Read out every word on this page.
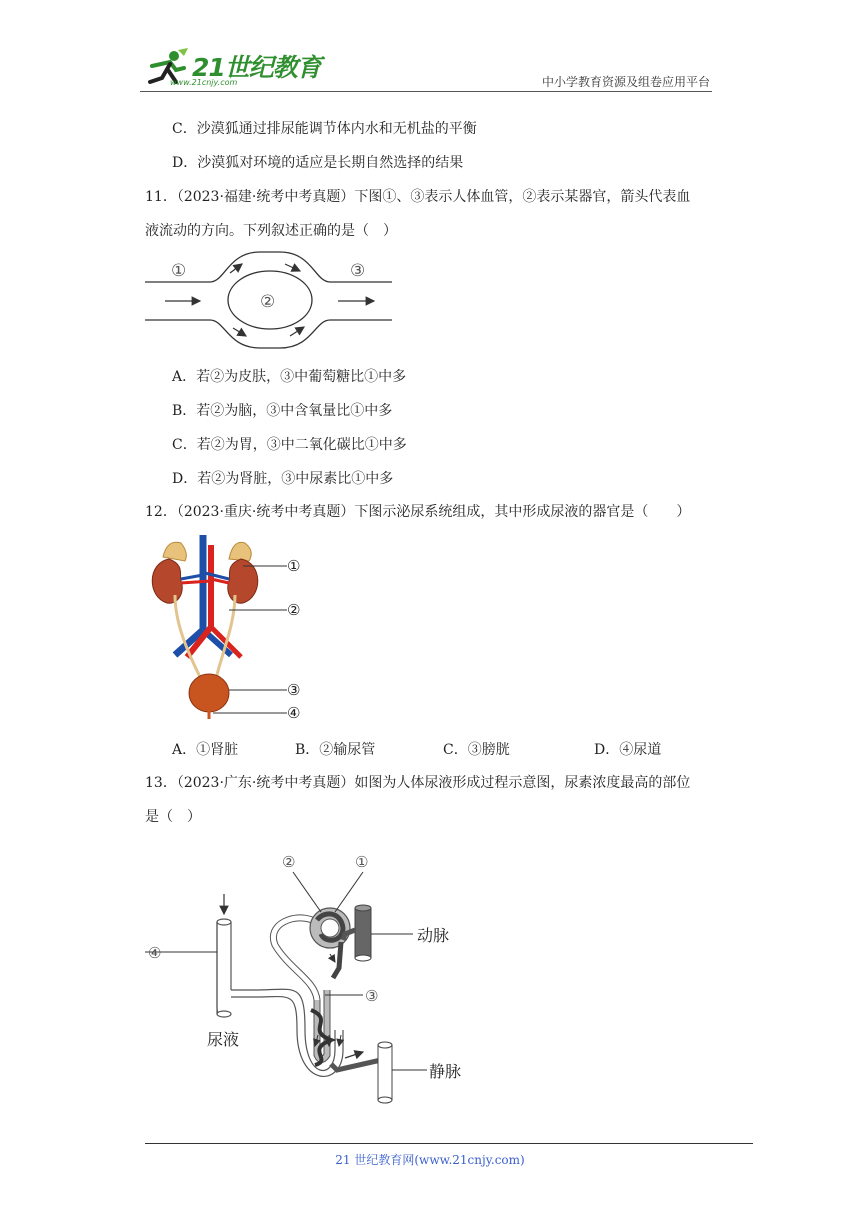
21世纪教育
www.21cnjy.com	中小学教育资源及组卷应用平台
C．沙漠狐通过排尿能调节体内水和无机盐的平衡
D．沙漠狐对环境的适应是长期自然选择的结果
11．（2023·福建·统考中考真题）下图①、③表示人体血管，②表示某器官，箭头代表血
液流动的方向。下列叙述正确的是（　）
①
②
③
A．若②为皮肤，③中葡萄糖比①中多
B．若②为脑，③中含氧量比①中多
C．若②为胃，③中二氧化碳比①中多
D．若②为肾脏，③中尿素比①中多
12．（2023·重庆·统考中考真题）下图示泌尿系统组成，其中形成尿液的器官是（　　）
①
②
③
④
A．①肾脏	B．②输尿管	C．③膀胱	D．④尿道
13．（2023·广东·统考中考真题）如图为人体尿液形成过程示意图，尿素浓度最高的部位
是（　）
②	①
④
③
动脉
静脉
尿液
21 世纪教育网(www.21cnjy.com)
